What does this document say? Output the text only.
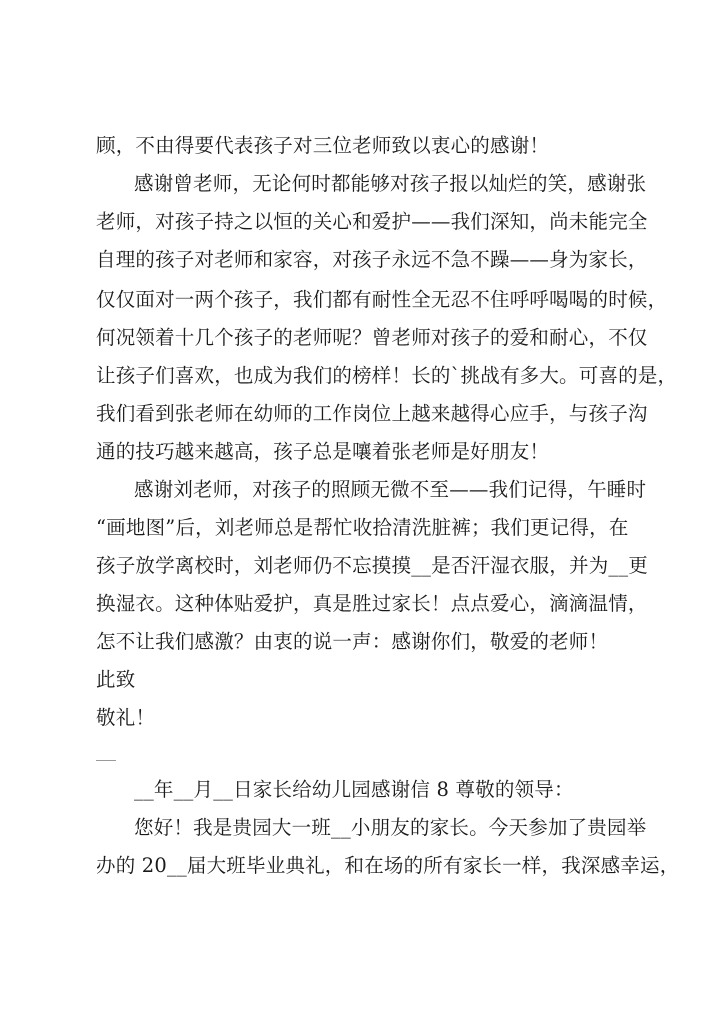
顾，不由得要代表孩子对三位老师致以衷心的感谢！
感谢曾老师，无论何时都能够对孩子报以灿烂的笑，感谢张
老师，对孩子持之以恒的关心和爱护——我们深知，尚未能完全
自理的孩子对老师和家容，对孩子永远不急不躁——身为家长，
仅仅面对一两个孩子，我们都有耐性全无忍不住呼呼喝喝的时候，
何况领着十几个孩子的老师呢？曾老师对孩子的爱和耐心，不仅
让孩子们喜欢，也成为我们的榜样！长的`挑战有多大。可喜的是，
我们看到张老师在幼师的工作岗位上越来越得心应手，与孩子沟
通的技巧越来越高，孩子总是嚷着张老师是好朋友！
感谢刘老师，对孩子的照顾无微不至——我们记得，午睡时
“画地图”后，刘老师总是帮忙收拾清洗脏裤；我们更记得，在
孩子放学离校时，刘老师仍不忘摸摸__是否汗湿衣服，并为__更
换湿衣。这种体贴爱护，真是胜过家长！点点爱心，滴滴温情，
怎不让我们感激？由衷的说一声：感谢你们，敬爱的老师！
此致
敬礼！
__年__月__日家长给幼儿园感谢信 8 尊敬的领导：
您好！我是贵园大一班__小朋友的家长。今天参加了贵园举
办的 20__届大班毕业典礼，和在场的所有家长一样，我深感幸运，
